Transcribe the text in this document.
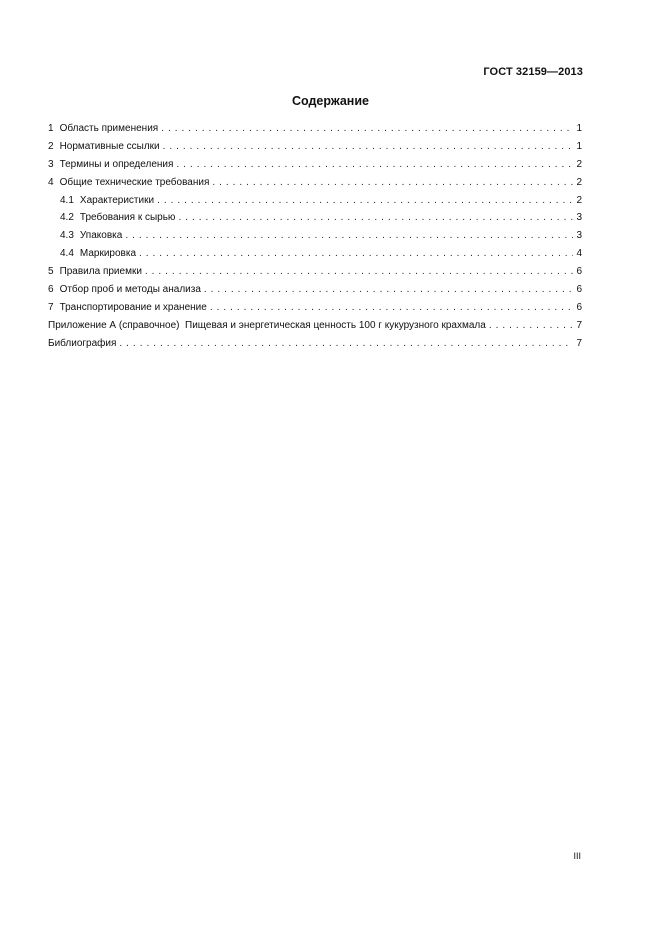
ГОСТ 32159—2013
Содержание
1 Область применения . . .	1
2 Нормативные ссылки . . .	1
3 Термины и определения . . .	2
4 Общие технические требования . . .	2
4.1 Характеристики . . .	2
4.2 Требования к сырью . . .	3
4.3 Упаковка . . .	3
4.4 Маркировка . . .	4
5 Правила приемки . . .	6
6 Отбор проб и методы анализа . . .	6
7 Транспортирование и хранение . . .	6
Приложение А (справочное)  Пищевая и энергетическая ценность 100 г кукурузного крахмала . . .	7
Библиография . . .	7
III
